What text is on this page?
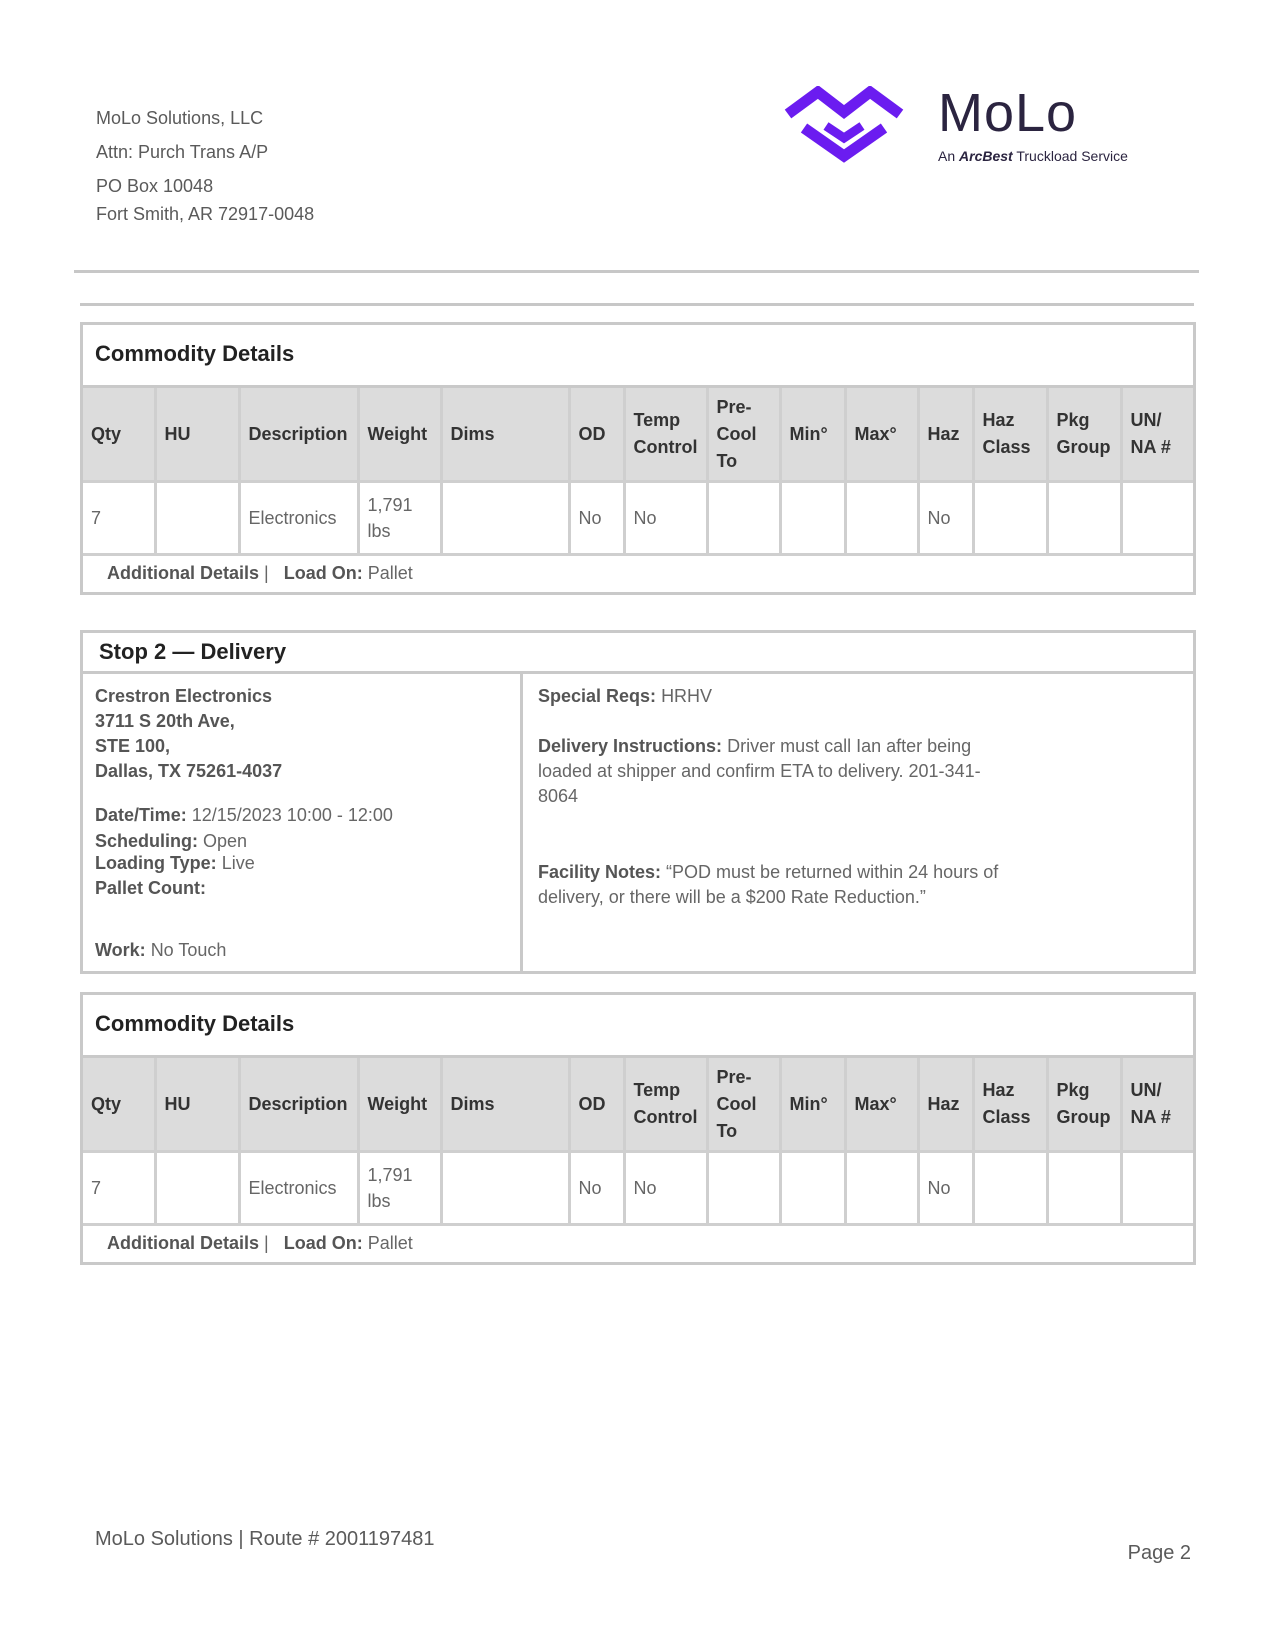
MoLo Solutions, LLC
Attn: Purch Trans A/P
PO Box 10048
Fort Smith, AR 72917-0048
MoLo
An ArcBest Truckload Service
Commodity Details
Qty	HU	Description	Weight	Dims	OD	Temp Control	Pre-Cool To	Min°	Max°	Haz	Haz Class	Pkg Group	UN/ NA #
7		Electronics	1,791 lbs		No	No				No			
Additional Details | Load On: Pallet
Stop 2 — Delivery
Crestron Electronics
3711 S 20th Ave,
STE 100,
Dallas, TX 75261-4037
Date/Time: 12/15/2023 10:00 - 12:00
Scheduling: Open
Loading Type: Live
Pallet Count:
Work: No Touch
Special Reqs: HRHV
Delivery Instructions: Driver must call Ian after being loaded at shipper and confirm ETA to delivery. 201-341-8064
Facility Notes: “POD must be returned within 24 hours of delivery, or there will be a $200 Rate Reduction.”
Commodity Details
Qty	HU	Description	Weight	Dims	OD	Temp Control	Pre-Cool To	Min°	Max°	Haz	Haz Class	Pkg Group	UN/ NA #
7		Electronics	1,791 lbs		No	No				No			
Additional Details | Load On: Pallet
MoLo Solutions | Route # 2001197481
Page 2
